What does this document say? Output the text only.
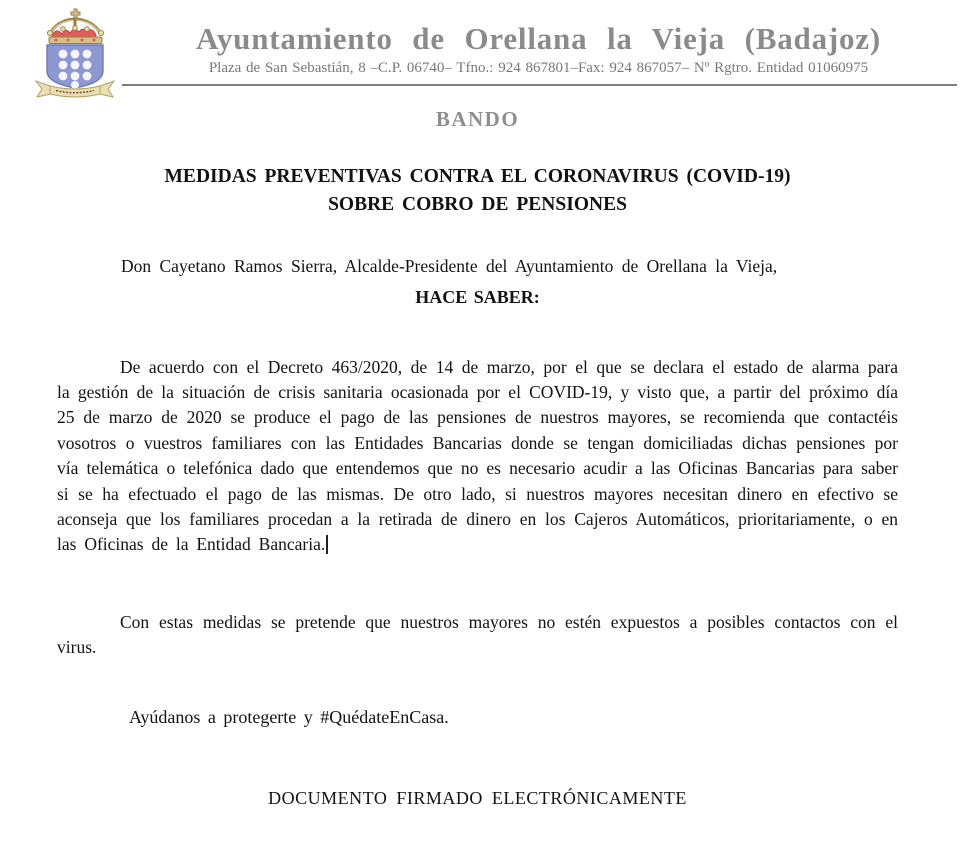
Ayuntamiento de Orellana la Vieja (Badajoz)
Plaza de San Sebastián, 8 –C.P. 06740– Tfno.: 924 867801–Fax: 924 867057– Nº Rgtro. Entidad 01060975
BANDO
MEDIDAS PREVENTIVAS CONTRA EL CORONAVIRUS (COVID-19)
SOBRE COBRO DE PENSIONES

Don Cayetano Ramos Sierra, Alcalde-Presidente del Ayuntamiento de Orellana la Vieja,

HACE SABER:

De acuerdo con el Decreto 463/2020, de 14 de marzo, por el que se declara el estado de alarma para la gestión de la situación de crisis sanitaria ocasionada por el COVID-19, y visto que, a partir del próximo día 25 de marzo de 2020 se produce el pago de las pensiones de nuestros mayores, se recomienda que contactéis vosotros o vuestros familiares con las Entidades Bancarias donde se tengan domiciliadas dichas pensiones por vía telemática o telefónica dado que entendemos que no es necesario acudir a las Oficinas Bancarias para saber si se ha efectuado el pago de las mismas. De otro lado, si nuestros mayores necesitan dinero en efectivo se aconseja que los familiares procedan a la retirada de dinero en los Cajeros Automáticos, prioritariamente, o en las Oficinas de la Entidad Bancaria.

Con estas medidas se pretende que nuestros mayores no estén expuestos a posibles contactos con el virus.

Ayúdanos a protegerte y #QuédateEnCasa.

DOCUMENTO FIRMADO ELECTRÓNICAMENTE
